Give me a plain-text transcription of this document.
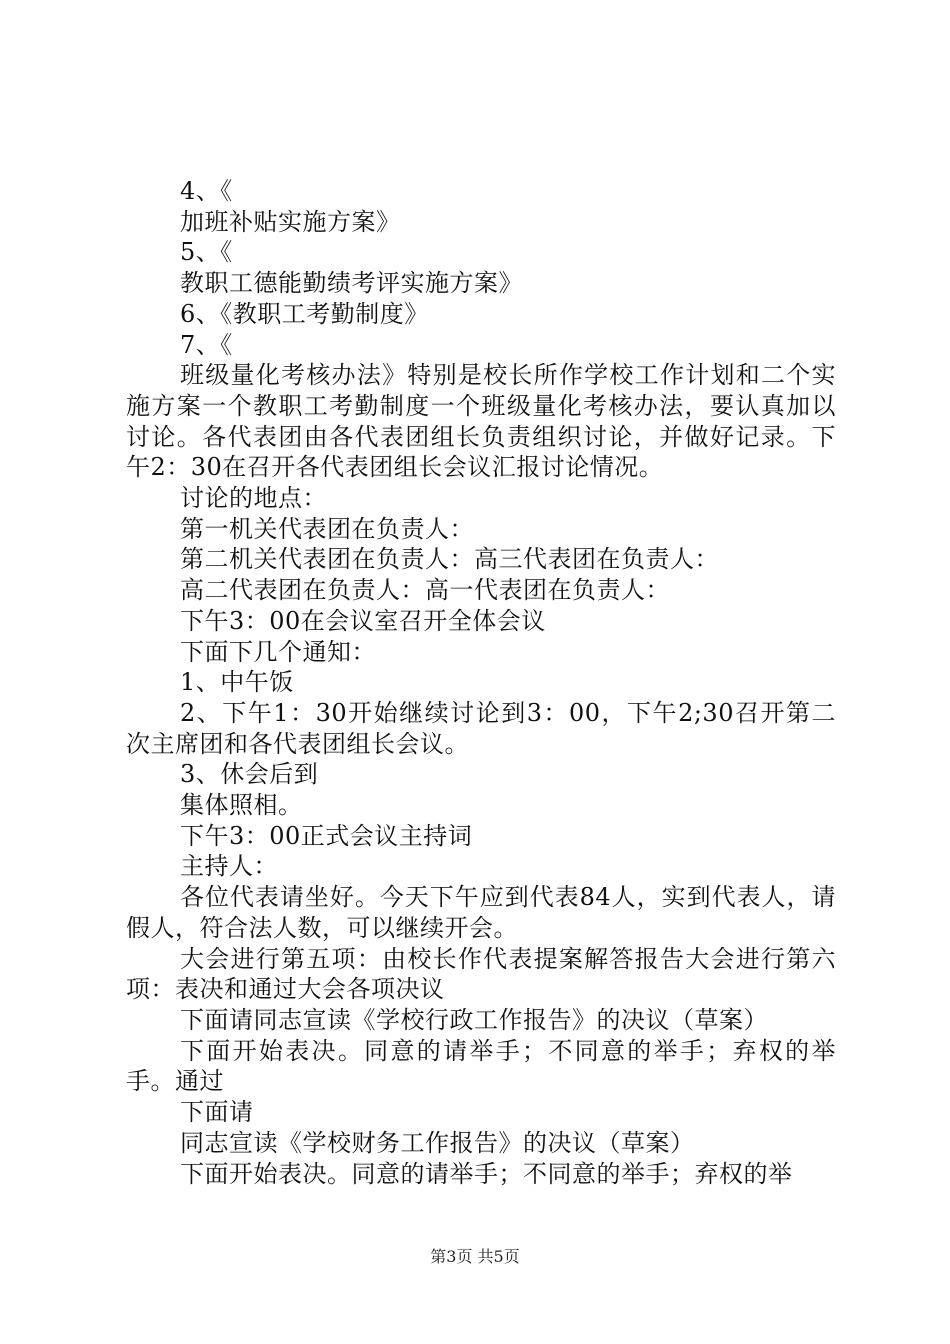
4、《
加班补贴实施方案》
5、《
教职工德能勤绩考评实施方案》
6、《教职工考勤制度》
7、《

班级量化考核办法》特别是校长所作学校工作计划和二个实施方案一个教职工考勤制度一个班级量化考核办法，要认真加以讨论。各代表团由各代表团组长负责组织讨论，并做好记录。下午2：30在召开各代表团组长会议汇报讨论情况。

讨论的地点：
第一机关代表团在负责人：
第二机关代表团在负责人：高三代表团在负责人：
高二代表团在负责人：高一代表团在负责人：
下午3：00在会议室召开全体会议
下面下几个通知：
1、中午饭

2、下午1：30开始继续讨论到3：00，下午2;30召开第二次主席团和各代表团组长会议。

3、休会后到
集体照相。
下午3：00正式会议主持词
主持人：

各位代表请坐好。今天下午应到代表84人，实到代表人，请假人，符合法人数，可以继续开会。

大会进行第五项：由校长作代表提案解答报告大会进行第六项：表决和通过大会各项决议

下面请同志宣读《学校行政工作报告》的决议（草案）

下面开始表决。同意的请举手；不同意的举手；弃权的举手。通过

下面请
同志宣读《学校财务工作报告》的决议（草案）

下面开始表决。同意的请举手；不同意的举手；弃权的举

第3页 共5页
